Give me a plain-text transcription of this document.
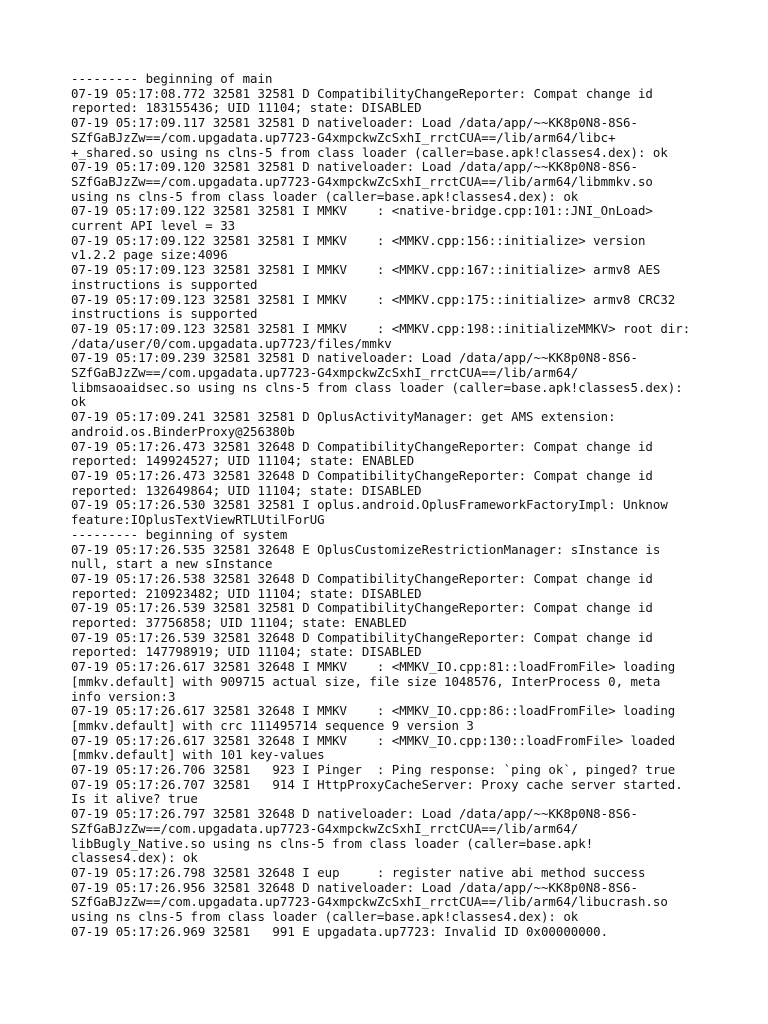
--------- beginning of main
07-19 05:17:08.772 32581 32581 D CompatibilityChangeReporter: Compat change id
reported: 183155436; UID 11104; state: DISABLED
07-19 05:17:09.117 32581 32581 D nativeloader: Load /data/app/~~KK8p0N8-8S6-
SZfGaBJzZw==/com.upgadata.up7723-G4xmpckwZcSxhI_rrctCUA==/lib/arm64/libc+
+_shared.so using ns clns-5 from class loader (caller=base.apk!classes4.dex): ok
07-19 05:17:09.120 32581 32581 D nativeloader: Load /data/app/~~KK8p0N8-8S6-
SZfGaBJzZw==/com.upgadata.up7723-G4xmpckwZcSxhI_rrctCUA==/lib/arm64/libmmkv.so
using ns clns-5 from class loader (caller=base.apk!classes4.dex): ok
07-19 05:17:09.122 32581 32581 I MMKV    : <native-bridge.cpp:101::JNI_OnLoad>
current API level = 33
07-19 05:17:09.122 32581 32581 I MMKV    : <MMKV.cpp:156::initialize> version
v1.2.2 page size:4096
07-19 05:17:09.123 32581 32581 I MMKV    : <MMKV.cpp:167::initialize> armv8 AES
instructions is supported
07-19 05:17:09.123 32581 32581 I MMKV    : <MMKV.cpp:175::initialize> armv8 CRC32
instructions is supported
07-19 05:17:09.123 32581 32581 I MMKV    : <MMKV.cpp:198::initializeMMKV> root dir:
/data/user/0/com.upgadata.up7723/files/mmkv
07-19 05:17:09.239 32581 32581 D nativeloader: Load /data/app/~~KK8p0N8-8S6-
SZfGaBJzZw==/com.upgadata.up7723-G4xmpckwZcSxhI_rrctCUA==/lib/arm64/
libmsaoaidsec.so using ns clns-5 from class loader (caller=base.apk!classes5.dex):
ok
07-19 05:17:09.241 32581 32581 D OplusActivityManager: get AMS extension:
android.os.BinderProxy@256380b
07-19 05:17:26.473 32581 32648 D CompatibilityChangeReporter: Compat change id
reported: 149924527; UID 11104; state: ENABLED
07-19 05:17:26.473 32581 32648 D CompatibilityChangeReporter: Compat change id
reported: 132649864; UID 11104; state: DISABLED
07-19 05:17:26.530 32581 32581 I oplus.android.OplusFrameworkFactoryImpl: Unknow
feature:IOplusTextViewRTLUtilForUG
--------- beginning of system
07-19 05:17:26.535 32581 32648 E OplusCustomizeRestrictionManager: sInstance is
null, start a new sInstance
07-19 05:17:26.538 32581 32648 D CompatibilityChangeReporter: Compat change id
reported: 210923482; UID 11104; state: DISABLED
07-19 05:17:26.539 32581 32581 D CompatibilityChangeReporter: Compat change id
reported: 37756858; UID 11104; state: ENABLED
07-19 05:17:26.539 32581 32648 D CompatibilityChangeReporter: Compat change id
reported: 147798919; UID 11104; state: DISABLED
07-19 05:17:26.617 32581 32648 I MMKV    : <MMKV_IO.cpp:81::loadFromFile> loading
[mmkv.default] with 909715 actual size, file size 1048576, InterProcess 0, meta
info version:3
07-19 05:17:26.617 32581 32648 I MMKV    : <MMKV_IO.cpp:86::loadFromFile> loading
[mmkv.default] with crc 111495714 sequence 9 version 3
07-19 05:17:26.617 32581 32648 I MMKV    : <MMKV_IO.cpp:130::loadFromFile> loaded
[mmkv.default] with 101 key-values
07-19 05:17:26.706 32581   923 I Pinger  : Ping response: `ping ok`, pinged? true
07-19 05:17:26.707 32581   914 I HttpProxyCacheServer: Proxy cache server started.
Is it alive? true
07-19 05:17:26.797 32581 32648 D nativeloader: Load /data/app/~~KK8p0N8-8S6-
SZfGaBJzZw==/com.upgadata.up7723-G4xmpckwZcSxhI_rrctCUA==/lib/arm64/
libBugly_Native.so using ns clns-5 from class loader (caller=base.apk!
classes4.dex): ok
07-19 05:17:26.798 32581 32648 I eup     : register native abi method success
07-19 05:17:26.956 32581 32648 D nativeloader: Load /data/app/~~KK8p0N8-8S6-
SZfGaBJzZw==/com.upgadata.up7723-G4xmpckwZcSxhI_rrctCUA==/lib/arm64/libucrash.so
using ns clns-5 from class loader (caller=base.apk!classes4.dex): ok
07-19 05:17:26.969 32581   991 E upgadata.up7723: Invalid ID 0x00000000.
